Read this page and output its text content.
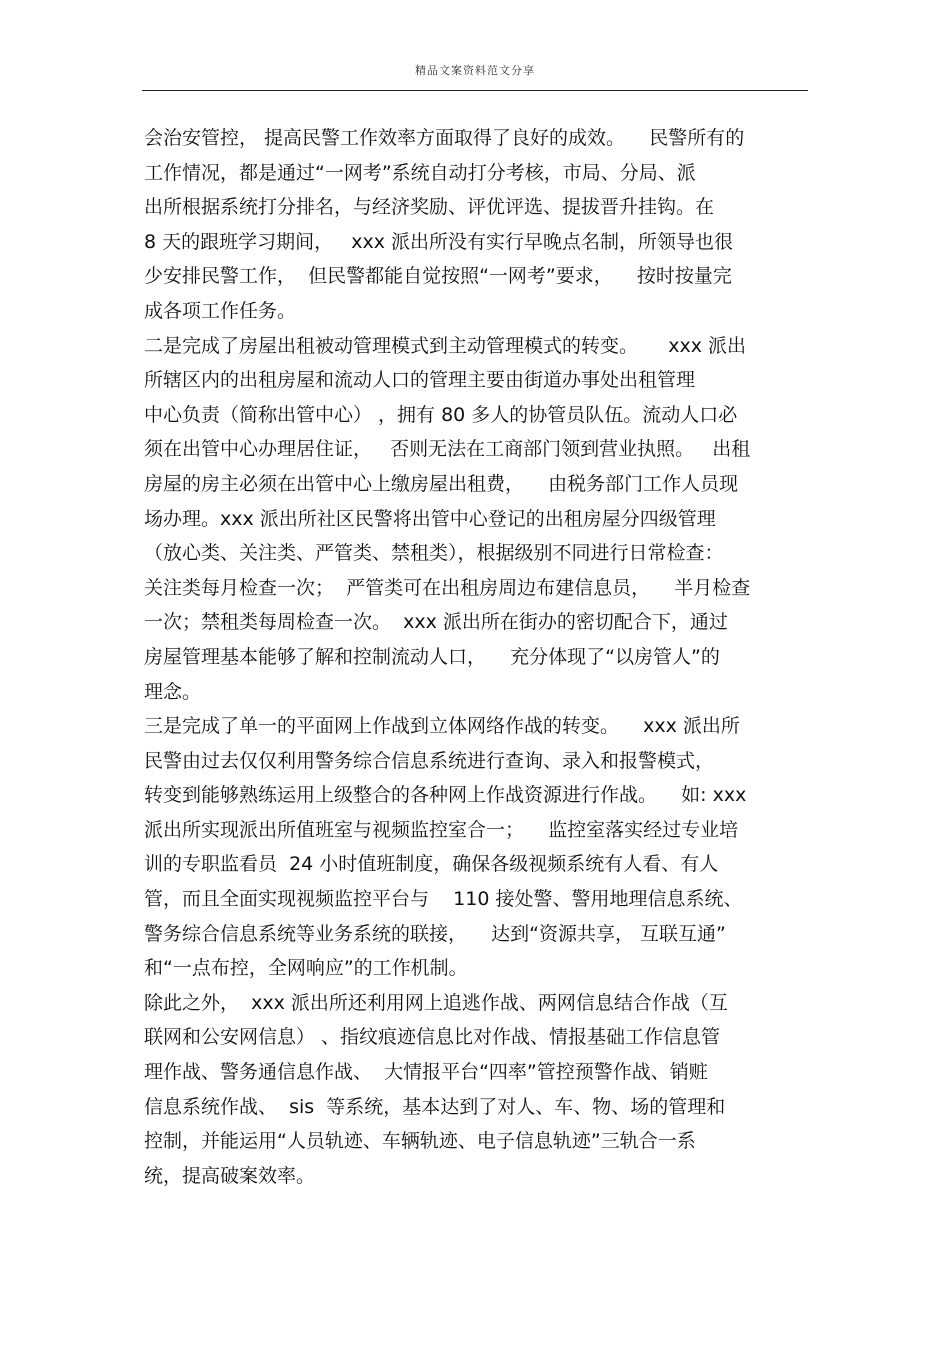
精品文案资料范文分享
会治安管控， 提高民警工作效率方面取得了良好的成效。    民警所有的
工作情况，都是通过“一网考”系统自动打分考核，市局、分局、派
出所根据系统打分排名，与经济奖励、评优评选、提拔晋升挂钩。在
8 天的跟班学习期间，   xxx 派出所没有实行早晚点名制，所领导也很
少安排民警工作，  但民警都能自觉按照“一网考”要求，    按时按量完
成各项工作任务。
二是完成了房屋出租被动管理模式到主动管理模式的转变。     xxx 派出
所辖区内的出租房屋和流动人口的管理主要由街道办事处出租管理
中心负责（简称出管中心） ，拥有 80 多人的协管员队伍。流动人口必
须在出管中心办理居住证，   否则无法在工商部门领到营业执照。   出租
房屋的房主必须在出管中心上缴房屋出租费，    由税务部门工作人员现
场办理。xxx 派出所社区民警将出管中心登记的出租房屋分四级管理
（放心类、关注类、严管类、禁租类），根据级别不同进行日常检查：
关注类每月检查一次；  严管类可在出租房周边布建信息员，    半月检查
一次；禁租类每周检查一次。  xxx 派出所在街办的密切配合下，通过
房屋管理基本能够了解和控制流动人口，    充分体现了“以房管人”的
理念。
三是完成了单一的平面网上作战到立体网络作战的转变。    xxx 派出所
民警由过去仅仅利用警务综合信息系统进行查询、录入和报警模式，
转变到能够熟练运用上级整合的各种网上作战资源进行作战。    如: xxx
派出所实现派出所值班室与视频监控室合一；    监控室落实经过专业培
训的专职监看员  24 小时值班制度，确保各级视频系统有人看、有人
管，而且全面实现视频监控平台与    110 接处警、警用地理信息系统、
警务综合信息系统等业务系统的联接，    达到“资源共享， 互联互通”
和“一点布控，全网响应”的工作机制。
除此之外，  xxx 派出所还利用网上追逃作战、两网信息结合作战（互
联网和公安网信息） 、指纹痕迹信息比对作战、情报基础工作信息管
理作战、警务通信息作战、  大情报平台“四率”管控预警作战、销赃
信息系统作战、  sis  等系统，基本达到了对人、车、物、场的管理和
控制，并能运用“人员轨迹、车辆轨迹、电子信息轨迹”三轨合一系
统，提高破案效率。
